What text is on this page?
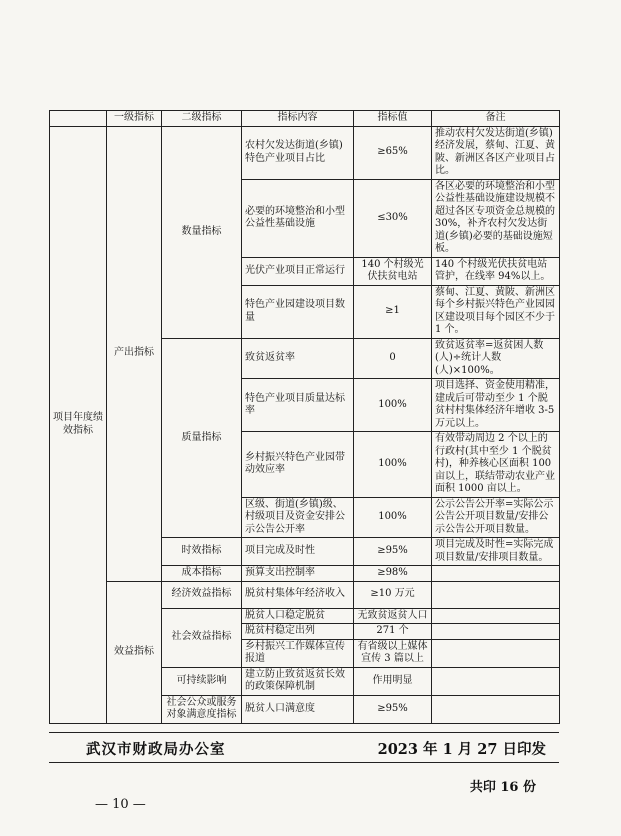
	一级指标	二级指标	指标内容	指标值	备注
项目年度绩效指标	产出指标	数量指标	农村欠发达街道(乡镇)特色产业项目占比	≥65%	推动农村欠发达街道(乡镇)经济发展，蔡甸、江夏、黄陂、新洲区各区产业项目占比。
			必要的环境整治和小型公益性基础设施	≤30%	各区必要的环境整治和小型公益性基础设施建设规模不超过各区专项资金总规模的 30%，补齐农村欠发达街道(乡镇)必要的基础设施短板。
			光伏产业项目正常运行	140 个村级光伏扶贫电站	140 个村级光伏扶贫电站管护，在线率 94%以上。
			特色产业园建设项目数量	≥1	蔡甸、江夏、黄陂、新洲区每个乡村振兴特色产业园园区建设项目每个园区不少于 1 个。
		质量指标	致贫返贫率	0	致贫返贫率=返贫困人数(人)÷统计人数(人)×100%。
			特色产业项目质量达标率	100%	项目选择、资金使用精准，建成后可带动至少 1 个脱贫村村集体经济年增收 3-5 万元以上。
			乡村振兴特色产业园带动效应率	100%	有效带动周边 2 个以上的行政村(其中至少 1 个脱贫村)，种养核心区面积 100 亩以上，联结带动农业产业面积 1000 亩以上。
			区级、街道(乡镇)级、村级项目及资金安排公示公告公开率	100%	公示公告公开率=实际公示公告公开项目数量/安排公示公告公开项目数量。
		时效指标	项目完成及时性	≥95%	项目完成及时性=实际完成项目数量/安排项目数量。
		成本指标	预算支出控制率	≥98%	
	效益指标	经济效益指标	脱贫村集体年经济收入	≥10 万元	
		社会效益指标	脱贫人口稳定脱贫	无致贫返贫人口	
			脱贫村稳定出列	271 个	
			乡村振兴工作媒体宣传报道	有省级以上媒体宣传 3 篇以上	
		可持续影响	建立防止致贫返贫长效的政策保障机制	作用明显	
		社会公众或服务对象满意度指标	脱贫人口满意度	≥95%	
武汉市财政局办公室	2023 年 1 月 27 日印发
共印 16 份
— 10 —
